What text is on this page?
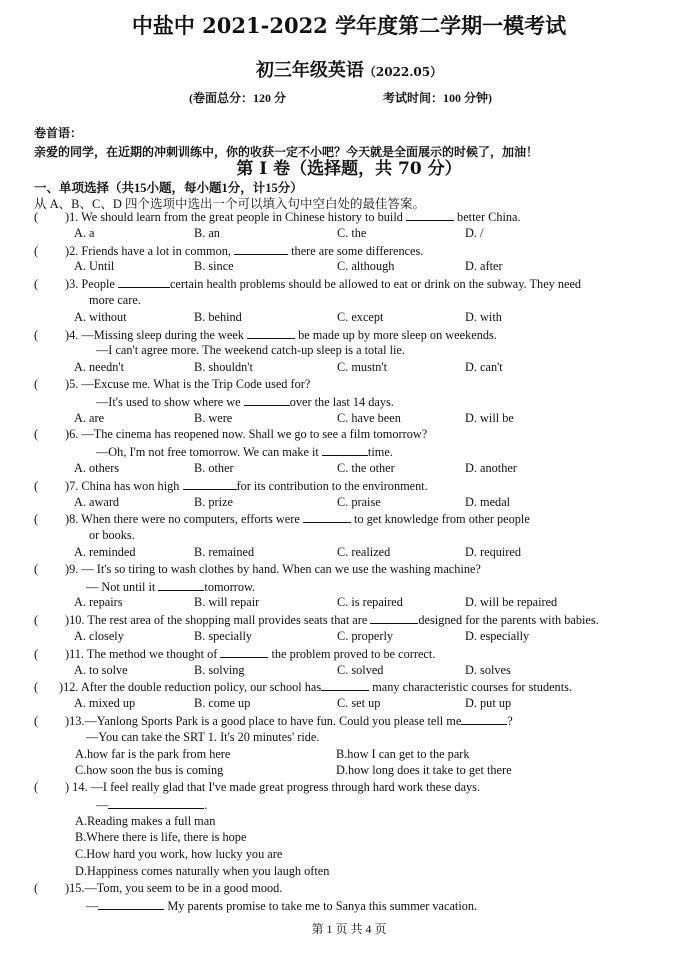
中盐中 2021-2022 学年度第二学期一模考试
初三年级英语（2022.05）
(卷面总分：120 分	考试时间：100 分钟)
卷首语：
亲爱的同学，在近期的冲刺训练中，你的收获一定不小吧？今天就是全面展示的时候了，加油！
第 I 卷（选择题，共 70 分）
一、单项选择（共15小题，每小题1分，计15分）
从 A、B、C、D 四个选项中选出一个可以填入句中空白处的最佳答案。
( )1. We should learn from the great people in Chinese history to build	better China.
A. a	B. an	C. the	D. /
( )2. Friends have a lot in common,	there are some differences.
A. Until	B. since	C. although	D. after
( )3. People	certain health problems should be allowed to eat or drink on the subway. They need
more care.
A. without	B. behind	C. except	D. with
( )4. —Missing sleep during the week	be made up by more sleep on weekends.
—I can't agree more. The weekend catch-up sleep is a total lie.
A. needn't	B. shouldn't	C. mustn't	D. can't
( )5. —Excuse me. What is the Trip Code used for?
—It's used to show where we	over the last 14 days.
A. are	B. were	C. have been	D. will be
( )6. —The cinema has reopened now. Shall we go to see a film tomorrow?
—Oh, I'm not free tomorrow. We can make it	time.
A. others	B. other	C. the other	D. another
( )7. China has won high	for its contribution to the environment.
A. award	B. prize	C. praise	D. medal
( )8. When there were no computers, efforts were	to get knowledge from other people
or books.
A. reminded	B. remained	C. realized	D. required
( )9. — It's so tiring to wash clothes by hand. When can we use the washing machine?
— Not until it	tomorrow.
A. repairs	B. will repair	C. is repaired	D. will be repaired
( )10. The rest area of the shopping mall provides seats that are	designed for the parents with babies.
A. closely	B. specially	C. properly	D. especially
( )11. The method we thought of	the problem proved to be correct.
A. to solve	B. solving	C. solved	D. solves
( )12. After the double reduction policy, our school has	many characteristic courses for students.
A. mixed up	B. come up	C. set up	D. put up
( )13.—Yanlong Sports Park is a good place to have fun. Could you please tell me	?
—You can take the SRT 1. It's 20 minutes' ride.
A.how far is the park from here	B.how I can get to the park
C.how soon the bus is coming	D.how long does it take to get there
( ) 14. —I feel really glad that I've made great progress through hard work these days.
—	.
A.Reading makes a full man
B.Where there is life, there is hope
C.How hard you work, how lucky you are
D.Happiness comes naturally when you laugh often
( )15.—Tom, you seem to be in a good mood.
—	My parents promise to take me to Sanya this summer vacation.
第 1 页 共 4 页
